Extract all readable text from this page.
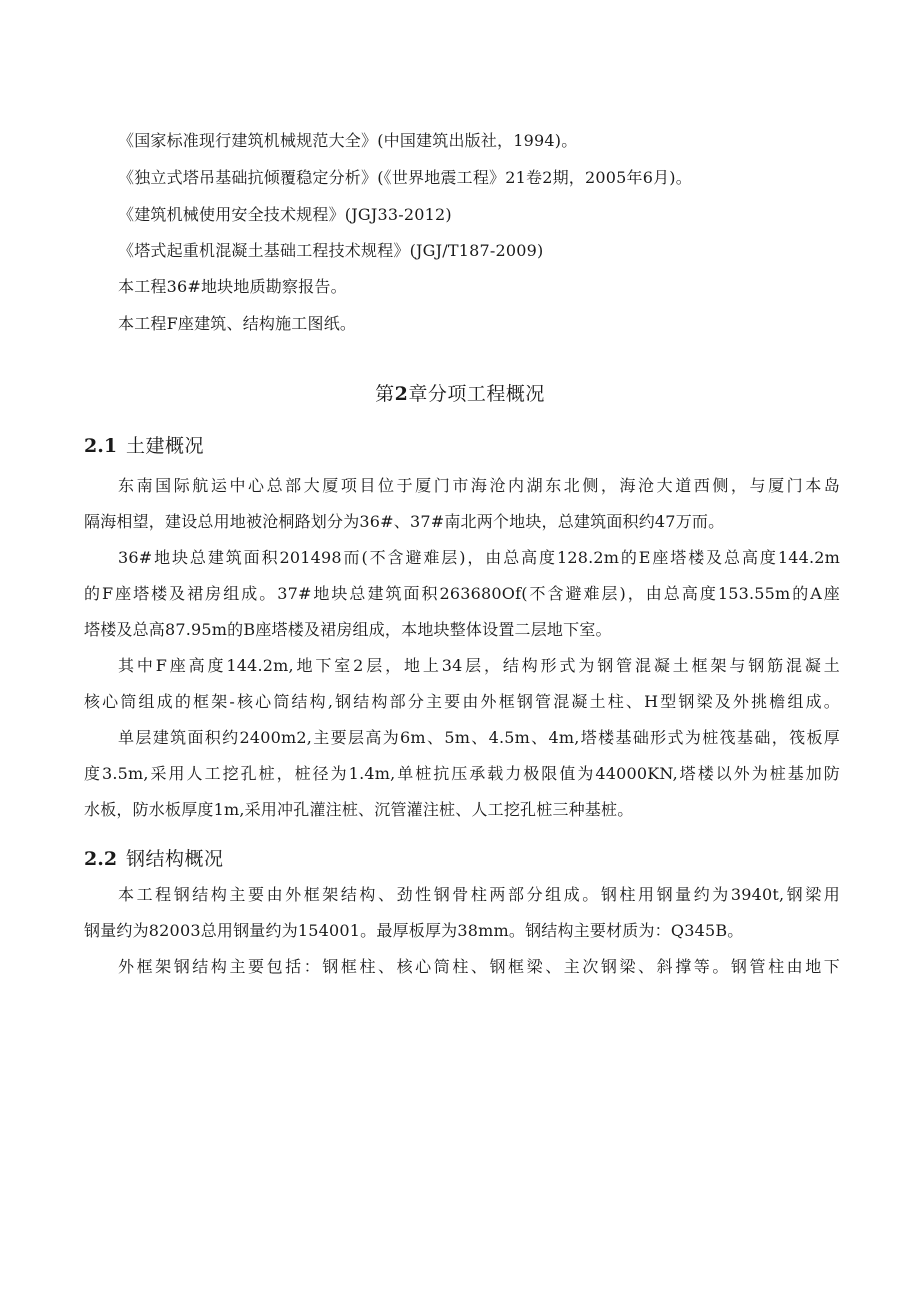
《国家标准现行建筑机械规范大全》(中国建筑出版社，1994)。
《独立式塔吊基础抗倾覆稳定分析》(《世界地震工程》21卷2期，2005年6月)。
《建筑机械使用安全技术规程》(JGJ33-2012)
《塔式起重机混凝土基础工程技术规程》(JGJ/T187-2009)
本工程36#地块地质勘察报告。
本工程F座建筑、结构施工图纸。
第2章分项工程概况
2.1 土建概况
东南国际航运中心总部大厦项目位于厦门市海沧内湖东北侧，海沧大道西侧，与厦门本岛
隔海相望，建设总用地被沧桐路划分为36#、37#南北两个地块，总建筑面积约47万而。
36#地块总建筑面积201498而(不含避难层)，由总高度128.2m的E座塔楼及总高度144.2m
的F座塔楼及裙房组成。37#地块总建筑面积263680Of(不含避难层)，由总高度153.55m的A座
塔楼及总高87.95m的B座塔楼及裙房组成，本地块整体设置二层地下室。
其中F座高度144.2m,地下室2层，地上34层，结构形式为钢管混凝土框架与钢筋混凝土
核心筒组成的框架-核心筒结构,钢结构部分主要由外框钢管混凝土柱、H型钢梁及外挑檐组成。
单层建筑面积约2400m2,主要层高为6m、5m、4.5m、4m,塔楼基础形式为桩筏基础，筏板厚
度3.5m,采用人工挖孔桩，桩径为1.4m,单桩抗压承载力极限值为44000KN,塔楼以外为桩基加防
水板，防水板厚度1m,采用冲孔灌注桩、沉管灌注桩、人工挖孔桩三种基桩。
2.2 钢结构概况
本工程钢结构主要由外框架结构、劲性钢骨柱两部分组成。钢柱用钢量约为3940t,钢梁用
钢量约为82003总用钢量约为154001。最厚板厚为38mm。钢结构主要材质为：Q345B。
外框架钢结构主要包括：钢框柱、核心筒柱、钢框梁、主次钢梁、斜撑等。钢管柱由地下
